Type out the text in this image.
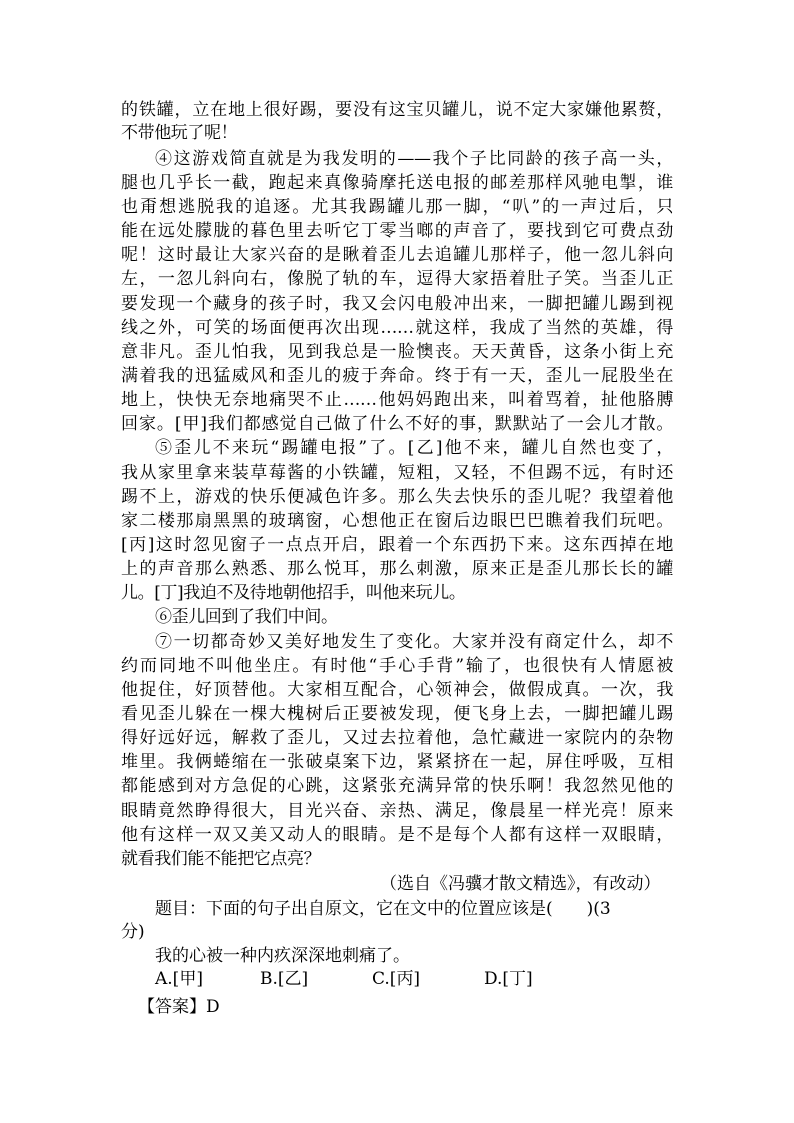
的铁罐，立在地上很好踢，要没有这宝贝罐儿，说不定大家嫌他累赘，
不带他玩了呢！
④这游戏简直就是为我发明的——我个子比同龄的孩子高一头，
腿也几乎长一截，跑起来真像骑摩托送电报的邮差那样风驰电掣，谁
也甭想逃脱我的追逐。尤其我踢罐儿那一脚，“叭”的一声过后，只
能在远处朦胧的暮色里去听它丁零当啷的声音了，要找到它可费点劲
呢！这时最让大家兴奋的是瞅着歪儿去追罐儿那样子，他一忽儿斜向
左，一忽儿斜向右，像脱了轨的车，逗得大家捂着肚子笑。当歪儿正
要发现一个藏身的孩子时，我又会闪电般冲出来，一脚把罐儿踢到视
线之外，可笑的场面便再次出现……就这样，我成了当然的英雄，得
意非凡。歪儿怕我，见到我总是一脸懊丧。天天黄昏，这条小街上充
满着我的迅猛威风和歪儿的疲于奔命。终于有一天，歪儿一屁股坐在
地上，快快无奈地痛哭不止……他妈妈跑出来，叫着骂着，扯他胳膊
回家。[甲]我们都感觉自己做了什么不好的事，默默站了一会儿才散。
⑤歪儿不来玩“踢罐电报”了。[乙]他不来，罐儿自然也变了，
我从家里拿来装草莓酱的小铁罐，短粗，又轻，不但踢不远，有时还
踢不上，游戏的快乐便减色许多。那么失去快乐的歪儿呢？我望着他
家二楼那扇黑黑的玻璃窗，心想他正在窗后边眼巴巴瞧着我们玩吧。
[丙]这时忽见窗子一点点开启，跟着一个东西扔下来。这东西掉在地
上的声音那么熟悉、那么悦耳，那么刺激，原来正是歪儿那长长的罐
儿。[丁]我迫不及待地朝他招手，叫他来玩儿。
⑥歪儿回到了我们中间。
⑦一切都奇妙又美好地发生了变化。大家并没有商定什么，却不
约而同地不叫他坐庄。有时他“手心手背”输了，也很快有人情愿被
他捉住，好顶替他。大家相互配合，心领神会，做假成真。一次，我
看见歪儿躲在一棵大槐树后正要被发现，便飞身上去，一脚把罐儿踢
得好远好远，解救了歪儿，又过去拉着他，急忙藏进一家院内的杂物
堆里。我俩蜷缩在一张破桌案下边，紧紧挤在一起，屏住呼吸，互相
都能感到对方急促的心跳，这紧张充满异常的快乐啊！我忽然见他的
眼睛竟然睁得很大，目光兴奋、亲热、满足，像晨星一样光亮！原来
他有这样一双又美又动人的眼睛。是不是每个人都有这样一双眼睛，
就看我们能不能把它点亮？
（选自《冯骥才散文精选》，有改动）
题目：下面的句子出自原文，它在文中的位置应该是(　　)(3
分)
我的心被一种内疚深深地刺痛了。
A.[甲]	B.[乙]	C.[丙]	D.[丁]
【答案】D
